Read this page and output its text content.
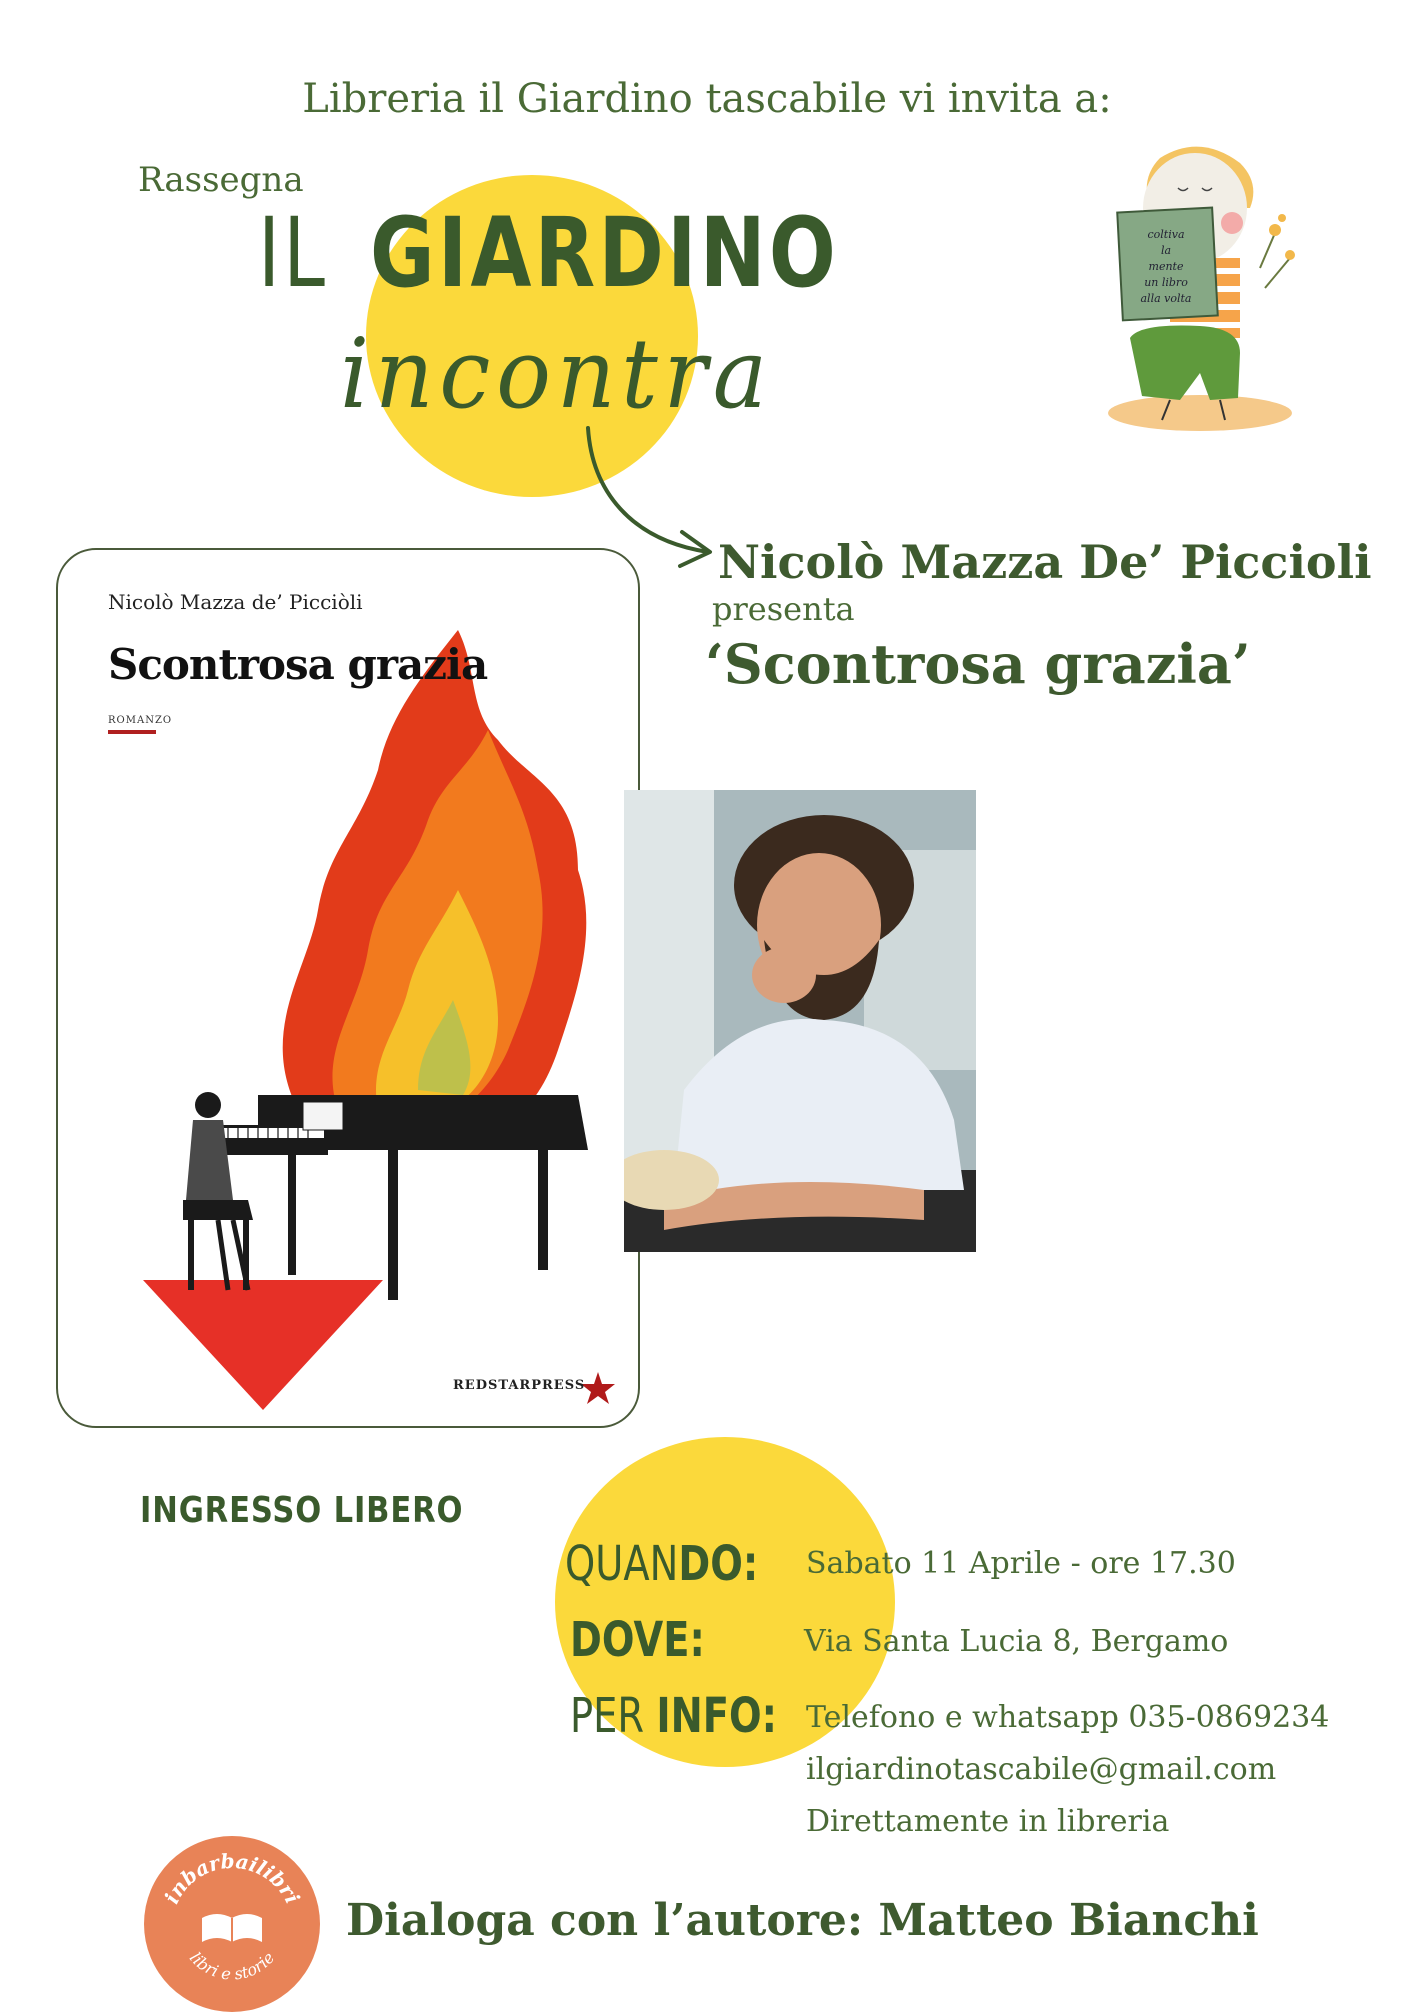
Libreria il Giardino tascabile vi invita a:
Rassegna
IL GIARDINO
incontra
Nicolò Mazza De’ Piccioli
presenta
‘Scontrosa grazia’
coltiva
la
mente
un libro
alla volta
Nicolò Mazza de’ Picciòli
Scontrosa grazia
ROMANZO
REDSTARPRESS
INGRESSO LIBERO
QUANDO:
DOVE:
PER INFO:
Sabato 11 Aprile - ore 17.30
Via Santa Lucia 8, Bergamo
Telefono e whatsapp 035-0869234
ilgiardinotascabile@gmail.com
Direttamente in libreria
inbarbailibri
libri e storie
Dialoga con l’autore: Matteo Bianchi
